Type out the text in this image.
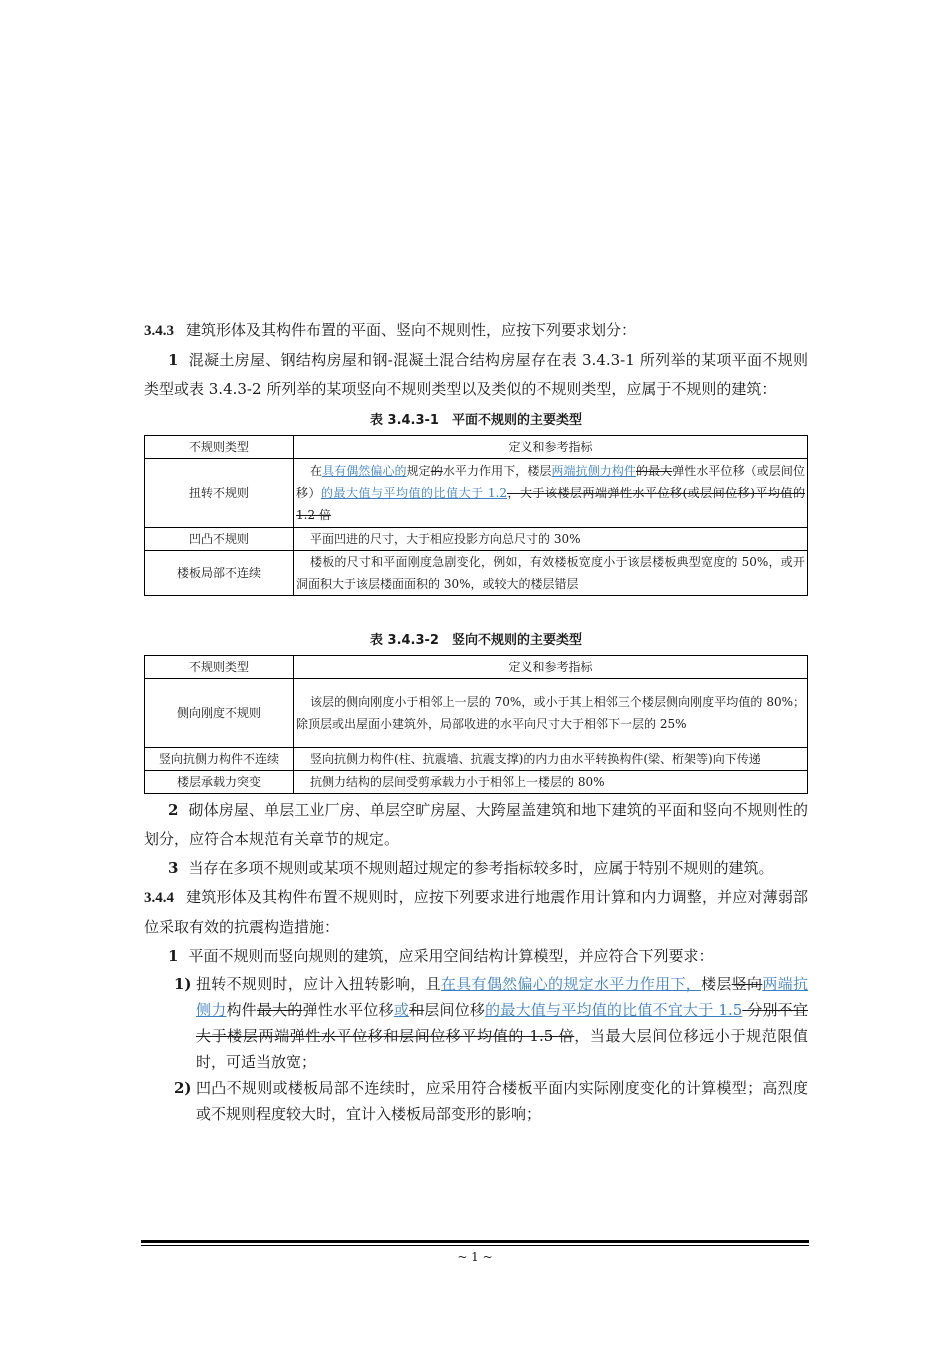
3.4.3 建筑形体及其构件布置的平面、竖向不规则性，应按下列要求划分：

1 混凝土房屋、钢结构房屋和钢-混凝土混合结构房屋存在表 3.4.3-1 所列举的某项平面不规则类型或表 3.4.3-2 所列举的某项竖向不规则类型以及类似的不规则类型，应属于不规则的建筑：

表 3.4.3-1　平面不规则的主要类型

不规则类型	定义和参考指标
扭转不规则	在具有偶然偏心的规定的水平力作用下，楼层两端抗侧力构件的最大弹性水平位移（或层间位移）的最大值与平均值的比值大于 1.2，大于该楼层两端弹性水平位移(或层间位移)平均值的 1.2 倍
凹凸不规则	平面凹进的尺寸，大于相应投影方向总尺寸的 30%
楼板局部不连续	楼板的尺寸和平面刚度急剧变化，例如，有效楼板宽度小于该层楼板典型宽度的 50%，或开洞面积大于该层楼面面积的 30%，或较大的楼层错层

表 3.4.3-2　竖向不规则的主要类型

不规则类型	定义和参考指标
侧向刚度不规则	该层的侧向刚度小于相邻上一层的 70%，或小于其上相邻三个楼层侧向刚度平均值的 80%；除顶层或出屋面小建筑外，局部收进的水平向尺寸大于相邻下一层的 25%
竖向抗侧力构件不连续	竖向抗侧力构件(柱、抗震墙、抗震支撑)的内力由水平转换构件(梁、桁架等)向下传递
楼层承载力突变	抗侧力结构的层间受剪承载力小于相邻上一楼层的 80%

2 砌体房屋、单层工业厂房、单层空旷房屋、大跨屋盖建筑和地下建筑的平面和竖向不规则性的划分，应符合本规范有关章节的规定。

3 当存在多项不规则或某项不规则超过规定的参考指标较多时，应属于特别不规则的建筑。

3.4.4 建筑形体及其构件布置不规则时，应按下列要求进行地震作用计算和内力调整，并应对薄弱部位采取有效的抗震构造措施：

1 平面不规则而竖向规则的建筑，应采用空间结构计算模型，并应符合下列要求：

1) 扭转不规则时，应计入扭转影响，且在具有偶然偏心的规定水平力作用下，楼层竖向两端抗侧力构件最大的弹性水平位移或和层间位移的最大值与平均值的比值不宜大于 1.5 分别不宜大于楼层两端弹性水平位移和层间位移平均值的 1.5 倍，当最大层间位移远小于规范限值时，可适当放宽；

2) 凹凸不规则或楼板局部不连续时，应采用符合楼板平面内实际刚度变化的计算模型；高烈度或不规则程度较大时，宜计入楼板局部变形的影响；

~ 1 ~
